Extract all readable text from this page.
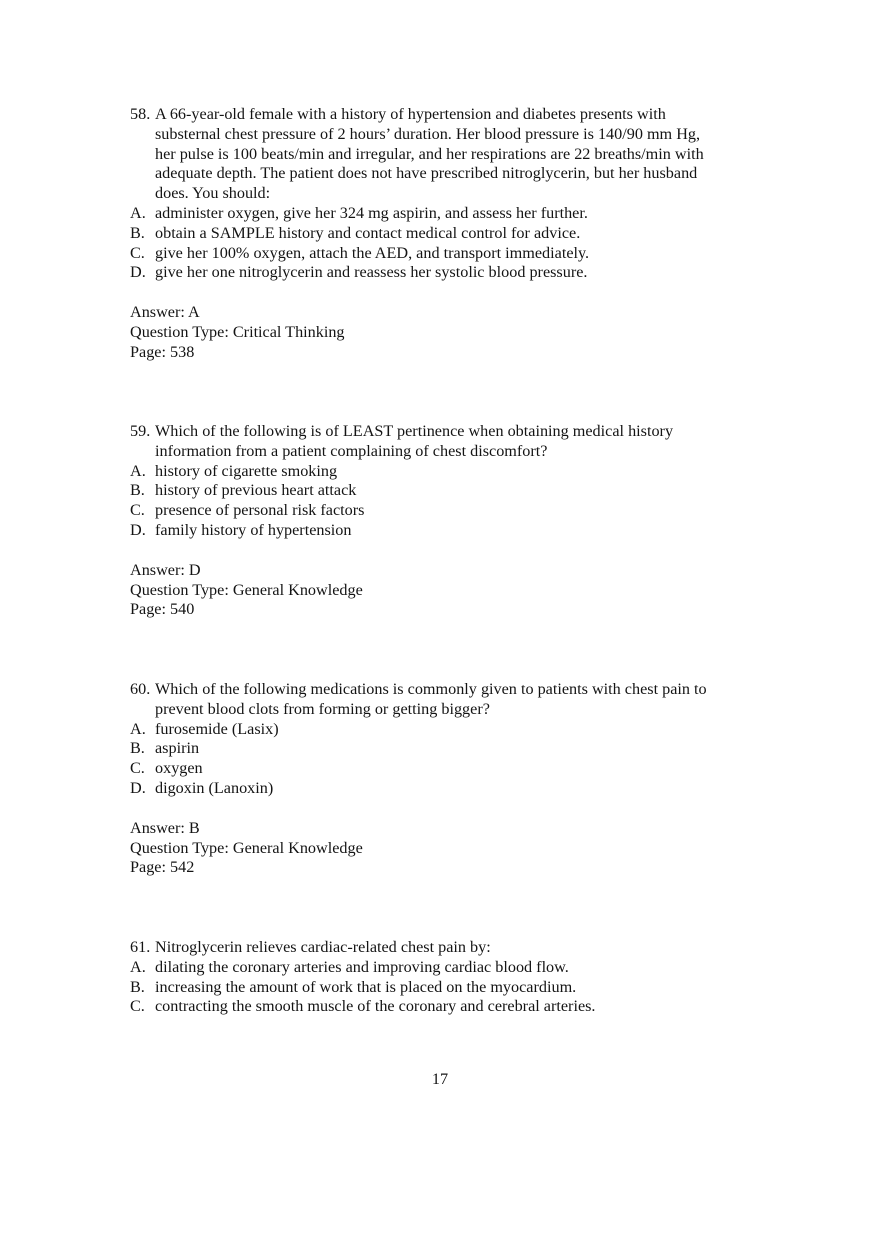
58. A 66-year-old female with a history of hypertension and diabetes presents with
substernal chest pressure of 2 hours’ duration. Her blood pressure is 140/90 mm Hg,
her pulse is 100 beats/min and irregular, and her respirations are 22 breaths/min with
adequate depth. The patient does not have prescribed nitroglycerin, but her husband
does. You should:
A. administer oxygen, give her 324 mg aspirin, and assess her further.
B. obtain a SAMPLE history and contact medical control for advice.
C. give her 100% oxygen, attach the AED, and transport immediately.
D. give her one nitroglycerin and reassess her systolic blood pressure.
Answer: A
Question Type: Critical Thinking
Page: 538
59. Which of the following is of LEAST pertinence when obtaining medical history
information from a patient complaining of chest discomfort?
A. history of cigarette smoking
B. history of previous heart attack
C. presence of personal risk factors
D. family history of hypertension
Answer: D
Question Type: General Knowledge
Page: 540
60. Which of the following medications is commonly given to patients with chest pain to
prevent blood clots from forming or getting bigger?
A. furosemide (Lasix)
B. aspirin
C. oxygen
D. digoxin (Lanoxin)
Answer: B
Question Type: General Knowledge
Page: 542
61. Nitroglycerin relieves cardiac-related chest pain by:
A. dilating the coronary arteries and improving cardiac blood flow.
B. increasing the amount of work that is placed on the myocardium.
C. contracting the smooth muscle of the coronary and cerebral arteries.
17
